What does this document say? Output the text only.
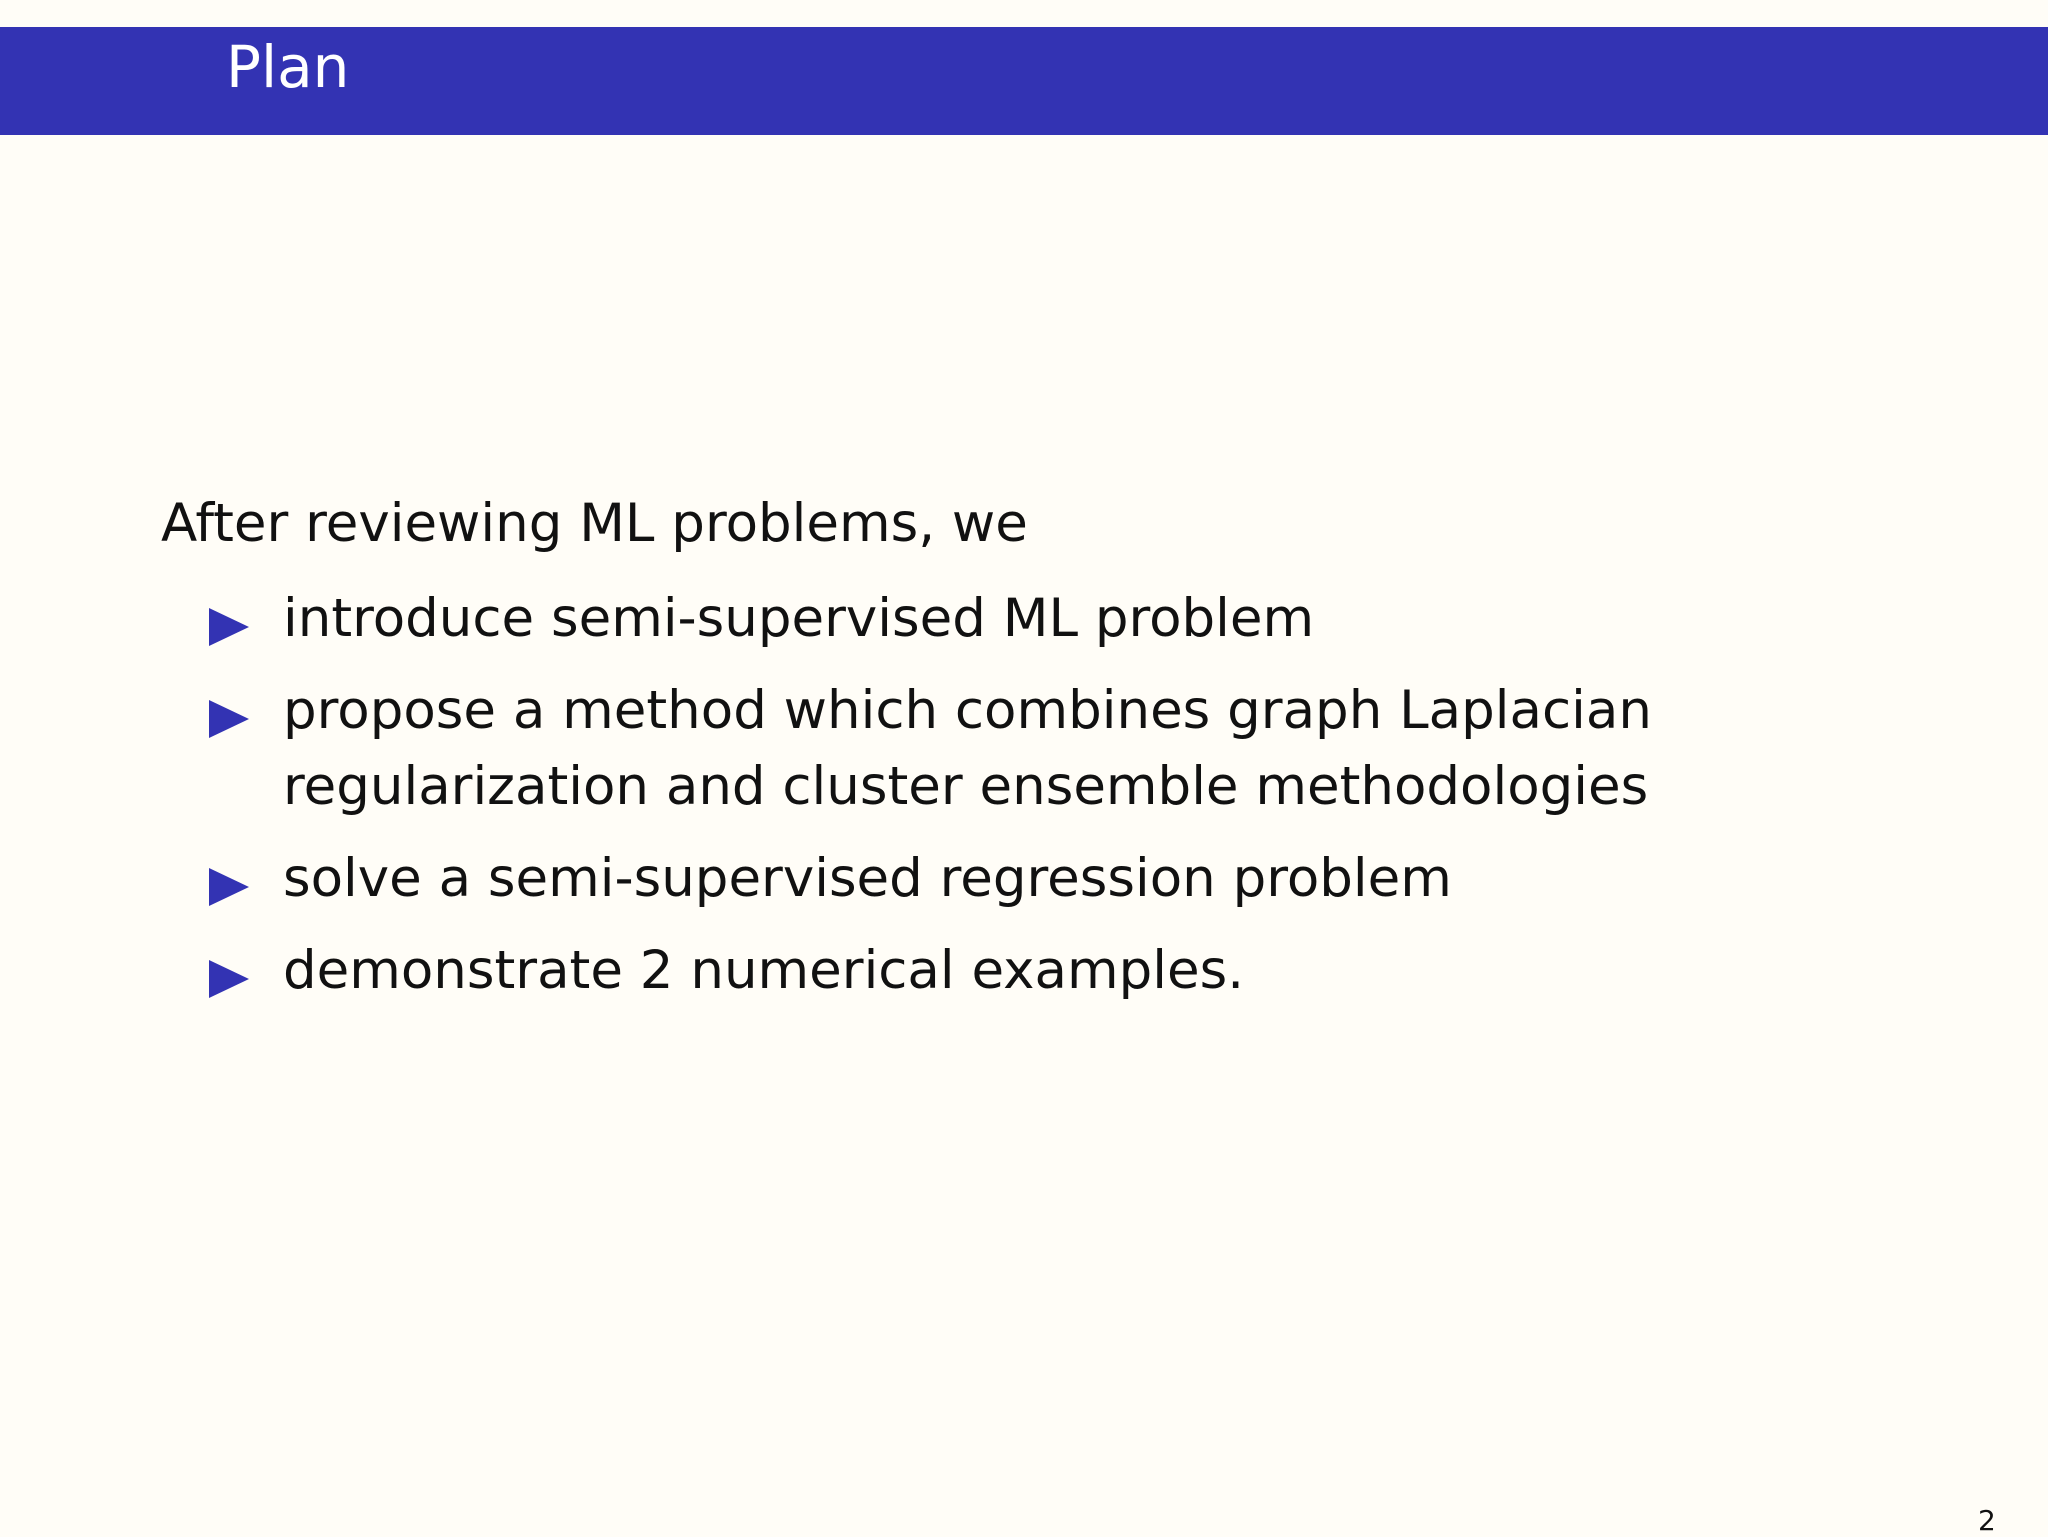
Plan
After reviewing ML problems, we
introduce semi-supervised ML problem
propose a method which combines graph Laplacian
regularization and cluster ensemble methodologies
solve a semi-supervised regression problem
demonstrate 2 numerical examples.
2
